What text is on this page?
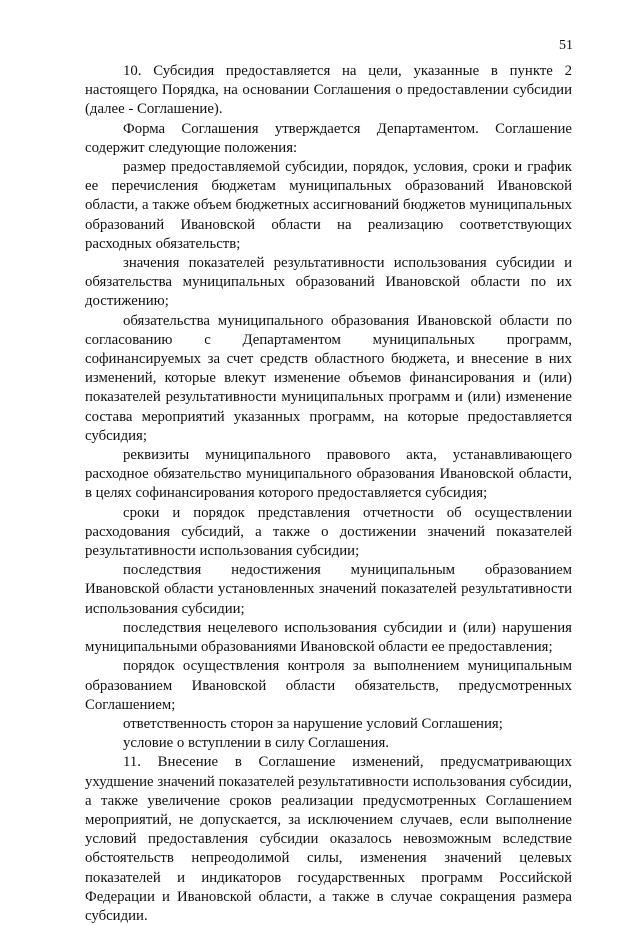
51

10. Субсидия предоставляется на цели, указанные в пункте 2 настоящего Порядка, на основании Соглашения о предоставлении субсидии (далее - Соглашение).

Форма Соглашения утверждается Департаментом. Соглашение содержит следующие положения:

размер предоставляемой субсидии, порядок, условия, сроки и график ее перечисления бюджетам муниципальных образований Ивановской области, а также объем бюджетных ассигнований бюджетов муниципальных образований Ивановской области на реализацию соответствующих расходных обязательств;

значения показателей результативности использования субсидии и обязательства муниципальных образований Ивановской области по их достижению;

обязательства муниципального образования Ивановской области по согласованию с Департаментом муниципальных программ, софинансируемых за счет средств областного бюджета, и внесение в них изменений, которые влекут изменение объемов финансирования и (или) показателей результативности муниципальных программ и (или) изменение состава мероприятий указанных программ, на которые предоставляется субсидия;

реквизиты муниципального правового акта, устанавливающего расходное обязательство муниципального образования Ивановской области, в целях софинансирования которого предоставляется субсидия;

сроки и порядок представления отчетности об осуществлении расходования субсидий, а также о достижении значений показателей результативности использования субсидии;

последствия недостижения муниципальным образованием Ивановской области установленных значений показателей результативности использования субсидии;

последствия нецелевого использования субсидии и (или) нарушения муниципальными образованиями Ивановской области ее предоставления;

порядок осуществления контроля за выполнением муниципальным образованием Ивановской области обязательств, предусмотренных Соглашением;

ответственность сторон за нарушение условий Соглашения;

условие о вступлении в силу Соглашения.

11. Внесение в Соглашение изменений, предусматривающих ухудшение значений показателей результативности использования субсидии, а также увеличение сроков реализации предусмотренных Соглашением мероприятий, не допускается, за исключением случаев, если выполнение условий предоставления субсидии оказалось невозможным вследствие обстоятельств непреодолимой силы, изменения значений целевых показателей и индикаторов государственных программ Российской Федерации и Ивановской области, а также в случае сокращения размера субсидии.
